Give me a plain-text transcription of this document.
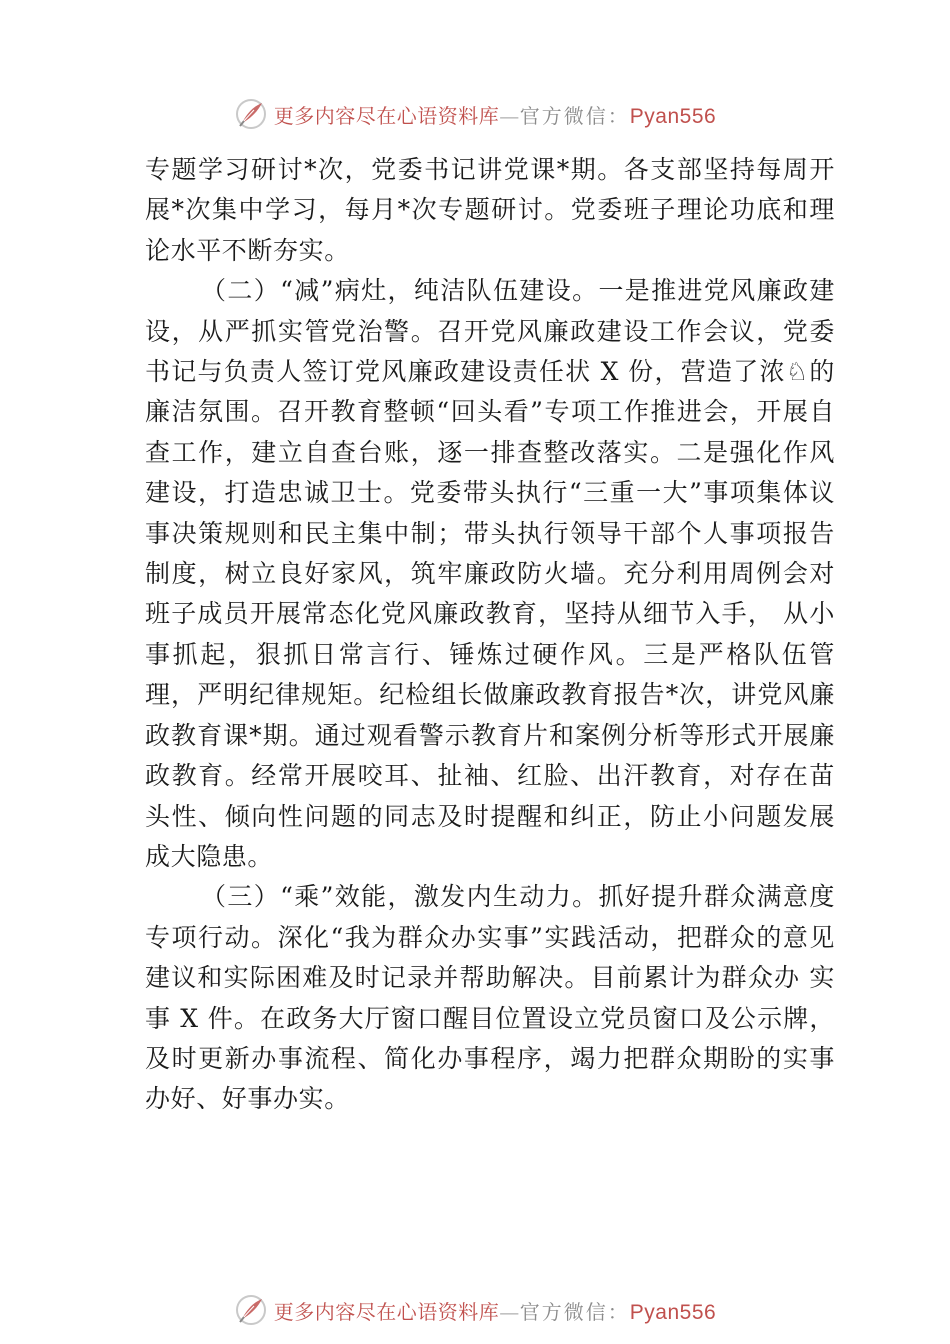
更多内容尽在心语资料库—官方微信：Pyan556

专题学习研讨*次，党委书记讲党课*期。各支部坚持每周开展*次集中学习，每月*次专题研讨。党委班子理论功底和理论水平不断夯实。

（二）“减”病灶，纯洁队伍建设。一是推进党风廉政建设，从严抓实管党治警。召开党风廉政建设工作会议，党委书记与负责人签订党风廉政建设责任状 X 份，营造了浓♘的廉洁氛围。召开教育整顿“回头看”专项工作推进会，开展自查工作，建立自查台账，逐一排查整改落实。二是强化作风建设，打造忠诚卫士。党委带头执行“三重一大”事项集体议事决策规则和民主集中制；带头执行领导干部个人事项报告制度，树立良好家风，筑牢廉政防火墙。充分利用周例会对班子成员开展常态化党风廉政教育，坚持从细节入手， 从小事抓起，狠抓日常言行、锤炼过硬作风。三是严格队伍管理，严明纪律规矩。纪检组长做廉政教育报告*次，讲党风廉政教育课*期。通过观看警示教育片和案例分析等形式开展廉政教育。经常开展咬耳、扯袖、红脸、出汗教育，对存在苗头性、倾向性问题的同志及时提醒和纠正，防止小问题发展成大隐患。

（三）“乘”效能，激发内生动力。抓好提升群众满意度专项行动。深化“我为群众办实事”实践活动，把群众的意见建议和实际困难及时记录并帮助解决。目前累计为群众办 实事 X 件。在政务大厅窗口醒目位置设立党员窗口及公示牌，及时更新办事流程、简化办事程序，竭力把群众期盼的实事办好、好事办实。

更多内容尽在心语资料库—官方微信：Pyan556
